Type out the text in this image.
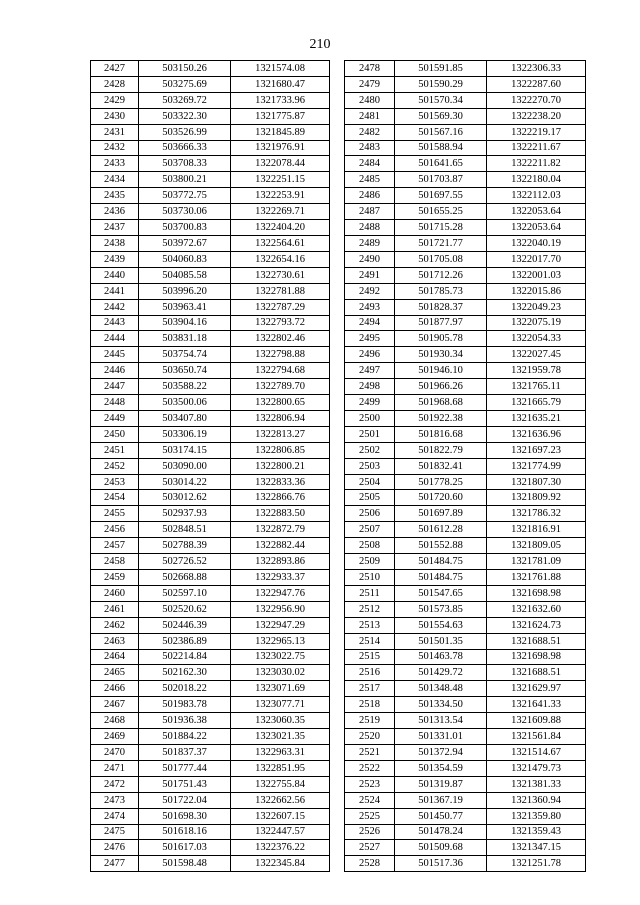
210
2427	503150.26	1321574.08
2428	503275.69	1321680.47
2429	503269.72	1321733.96
2430	503322.30	1321775.87
2431	503526.99	1321845.89
2432	503666.33	1321976.91
2433	503708.33	1322078.44
2434	503800.21	1322251.15
2435	503772.75	1322253.91
2436	503730.06	1322269.71
2437	503700.83	1322404.20
2438	503972.67	1322564.61
2439	504060.83	1322654.16
2440	504085.58	1322730.61
2441	503996.20	1322781.88
2442	503963.41	1322787.29
2443	503904.16	1322793.72
2444	503831.18	1322802.46
2445	503754.74	1322798.88
2446	503650.74	1322794.68
2447	503588.22	1322789.70
2448	503500.06	1322800.65
2449	503407.80	1322806.94
2450	503306.19	1322813.27
2451	503174.15	1322806.85
2452	503090.00	1322800.21
2453	503014.22	1322833.36
2454	503012.62	1322866.76
2455	502937.93	1322883.50
2456	502848.51	1322872.79
2457	502788.39	1322882.44
2458	502726.52	1322893.86
2459	502668.88	1322933.37
2460	502597.10	1322947.76
2461	502520.62	1322956.90
2462	502446.39	1322947.29
2463	502386.89	1322965.13
2464	502214.84	1323022.75
2465	502162.30	1323030.02
2466	502018.22	1323071.69
2467	501983.78	1323077.71
2468	501936.38	1323060.35
2469	501884.22	1323021.35
2470	501837.37	1322963.31
2471	501777.44	1322851.95
2472	501751.43	1322755.84
2473	501722.04	1322662.56
2474	501698.30	1322607.15
2475	501618.16	1322447.57
2476	501617.03	1322376.22
2477	501598.48	1322345.84
2478	501591.85	1322306.33
2479	501590.29	1322287.60
2480	501570.34	1322270.70
2481	501569.30	1322238.20
2482	501567.16	1322219.17
2483	501588.94	1322211.67
2484	501641.65	1322211.82
2485	501703.87	1322180.04
2486	501697.55	1322112.03
2487	501655.25	1322053.64
2488	501715.28	1322053.64
2489	501721.77	1322040.19
2490	501705.08	1322017.70
2491	501712.26	1322001.03
2492	501785.73	1322015.86
2493	501828.37	1322049.23
2494	501877.97	1322075.19
2495	501905.78	1322054.33
2496	501930.34	1322027.45
2497	501946.10	1321959.78
2498	501966.26	1321765.11
2499	501968.68	1321665.79
2500	501922.38	1321635.21
2501	501816.68	1321636.96
2502	501822.79	1321697.23
2503	501832.41	1321774.99
2504	501778.25	1321807.30
2505	501720.60	1321809.92
2506	501697.89	1321786.32
2507	501612.28	1321816.91
2508	501552.88	1321809.05
2509	501484.75	1321781.09
2510	501484.75	1321761.88
2511	501547.65	1321698.98
2512	501573.85	1321632.60
2513	501554.63	1321624.73
2514	501501.35	1321688.51
2515	501463.78	1321698.98
2516	501429.72	1321688.51
2517	501348.48	1321629.97
2518	501334.50	1321641.33
2519	501313.54	1321609.88
2520	501331.01	1321561.84
2521	501372.94	1321514.67
2522	501354.59	1321479.73
2523	501319.87	1321381.33
2524	501367.19	1321360.94
2525	501450.77	1321359.80
2526	501478.24	1321359.43
2527	501509.68	1321347.15
2528	501517.36	1321251.78
